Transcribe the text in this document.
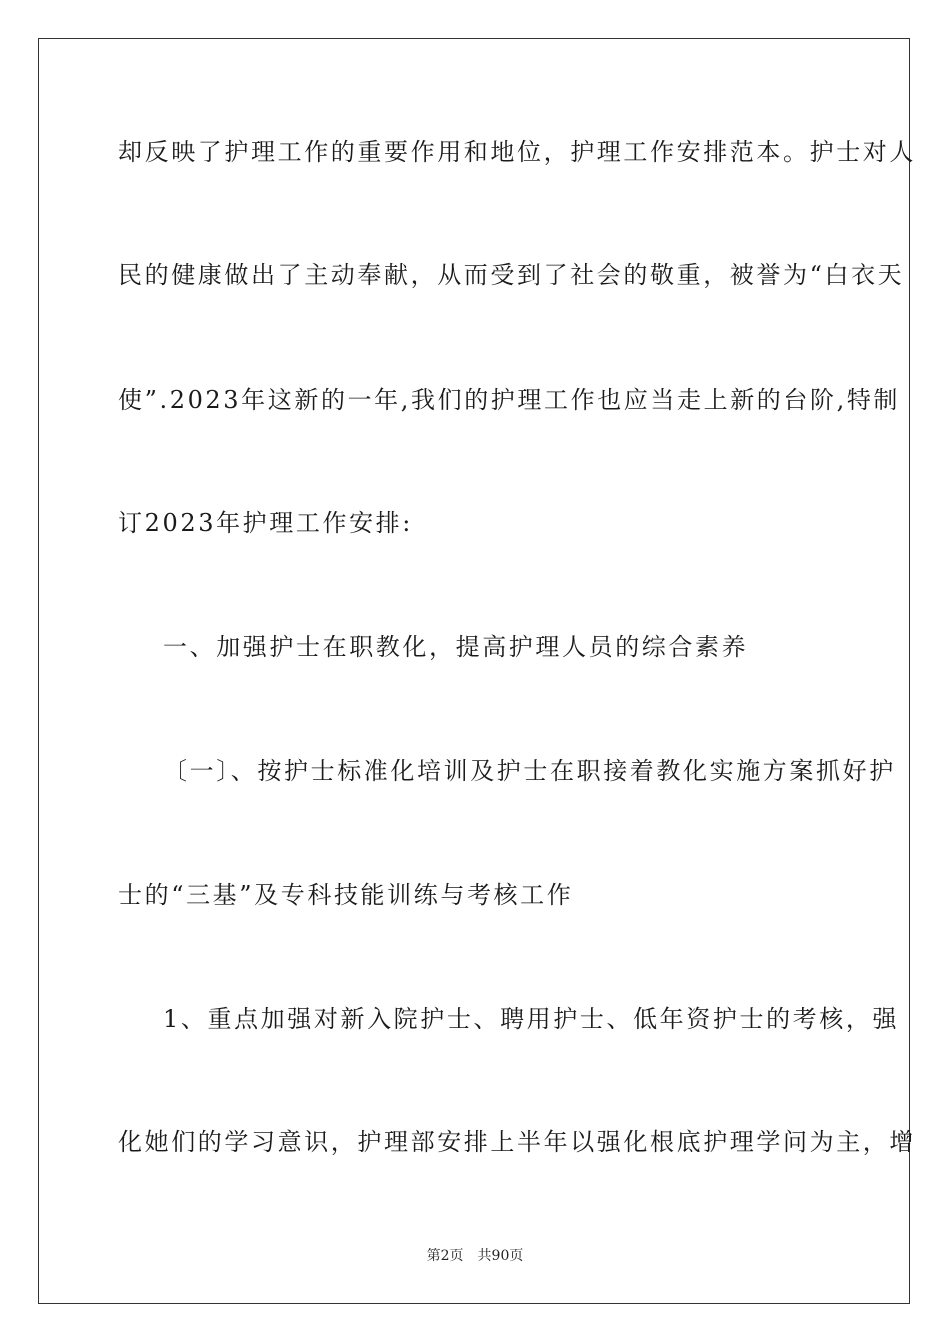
却反映了护理工作的重要作用和地位，护理工作安排范本。护士对人
民的健康做出了主动奉献，从而受到了社会的敬重，被誉为“白衣天
使”.2023年这新的一年,我们的护理工作也应当走上新的台阶,特制
订2023年护理工作安排:
一、加强护士在职教化，提高护理人员的综合素养
〔一〕、按护士标准化培训及护士在职接着教化实施方案抓好护
士的“三基”及专科技能训练与考核工作
1、重点加强对新入院护士、聘用护士、低年资护士的考核，强
化她们的学习意识，护理部安排上半年以强化根底护理学问为主，增
第2页 共90页
